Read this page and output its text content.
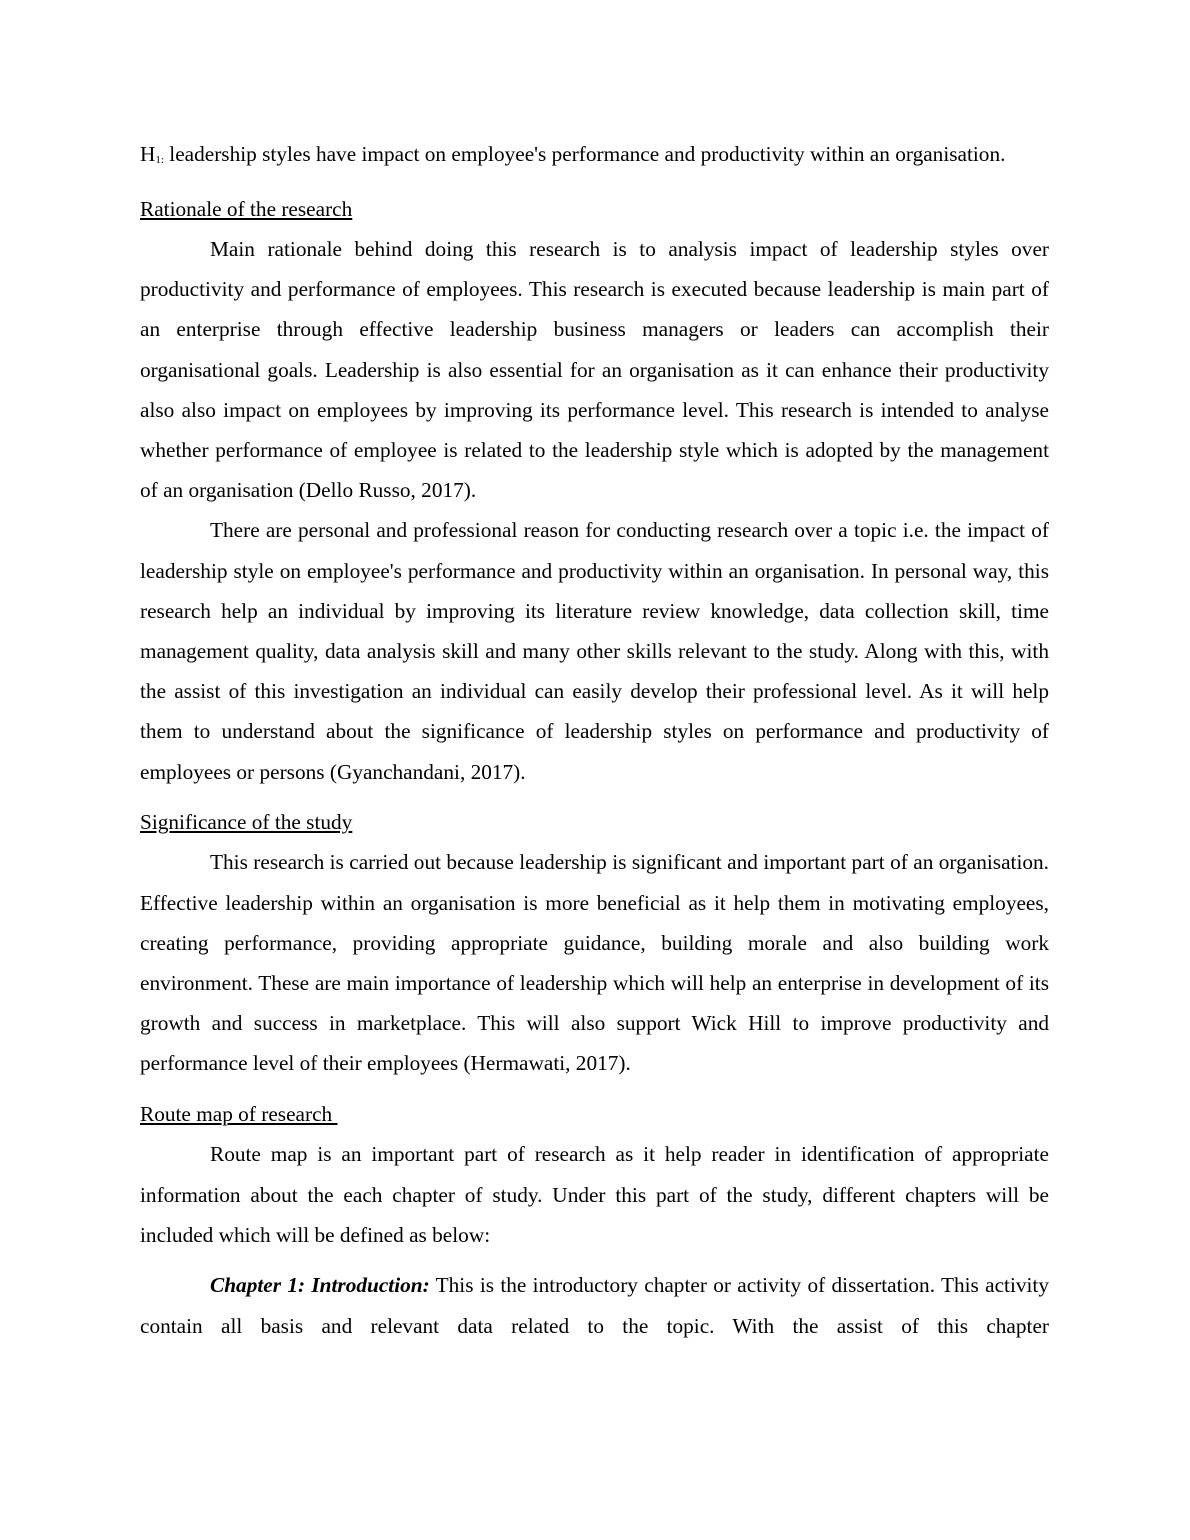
$H_{1:}$ leadership styles have impact on employee's performance and productivity within an organisation.

Rationale of the research

Main rationale behind doing this research is to analysis impact of leadership styles over productivity and performance of employees. This research is executed because leadership is main part of an enterprise through effective leadership business managers or leaders can accomplish their organisational goals. Leadership is also essential for an organisation as it can enhance their productivity also also impact on employees by improving its performance level. This research is intended to analyse whether performance of employee is related to the leadership style which is adopted by the management of an organisation (Dello Russo, 2017).

There are personal and professional reason for conducting research over a topic i.e. the impact of leadership style on employee's performance and productivity within an organisation. In personal way, this research help an individual by improving its literature review knowledge, data collection skill, time management quality, data analysis skill and many other skills relevant to the study. Along with this, with the assist of this investigation an individual can easily develop their professional level. As it will help them to understand about the significance of leadership styles on performance and productivity of employees or persons (Gyanchandani, 2017).

Significance of the study

This research is carried out because leadership is significant and important part of an organisation. Effective leadership within an organisation is more beneficial as it help them in motivating employees, creating performance, providing appropriate guidance, building morale and also building work environment. These are main importance of leadership which will help an enterprise in development of its growth and success in marketplace. This will also support Wick Hill to improve productivity and performance level of their employees (Hermawati, 2017).

Route map of research

Route map is an important part of research as it help reader in identification of appropriate information about the each chapter of study. Under this part of the study, different chapters will be included which will be defined as below:

Chapter 1: Introduction: This is the introductory chapter or activity of dissertation. This activity contain all basis and relevant data related to the topic. With the assist of this chapter
